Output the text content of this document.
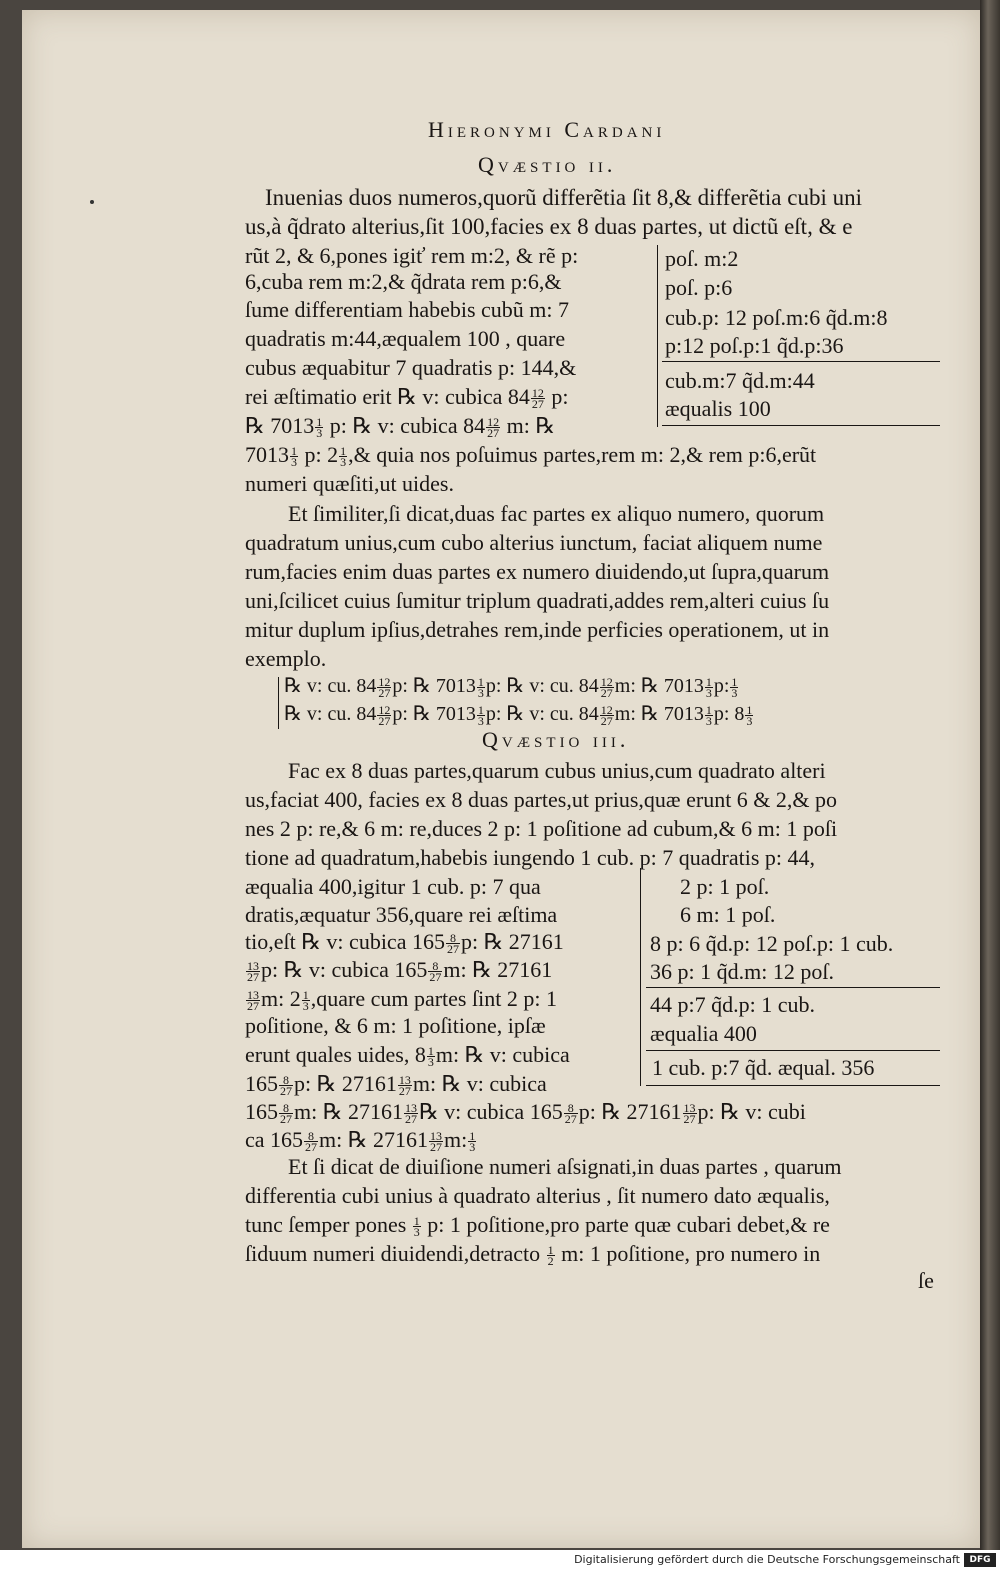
Hieronymi Cardani
Qvæstio ii.
Inuenias duos numeros,quorũ differẽtia ſit 8,& differẽtia cubi uni
us,à q̃drato alterius,ſit 100,facies ex 8 duas partes, ut dictũ eſt, & e
rũt 2, & 6,pones igiť rem m:2, & rẽ p:
6,cuba rem m:2,& q̃drata rem p:6,&
ſume differentiam habebis cubũ m: 7
quadratis m:44,æqualem 100 , quare
cubus æquabitur 7 quadratis p: 144,&
rei æſtimatio erit ℞ v: cubica $84 \frac{12}{27} p$:
℞ $7013 \frac{1}{3} p$: ℞ v: cubica $84 \frac{12}{27} m$: ℞
$7013 \frac{1}{3} p$: $2 \frac{1}{3}$ ,& quia nos poſuimus partes,rem m: 2,& rem p:6,erũt
numeri quæſiti,ut uides.
poſ. m:2
poſ. p:6
cub.p: 12 poſ.m:6 q̃d.m:8
p:12 poſ.p:1 q̃d.p:36
cub.m:7 q̃d.m:44
æqualis 100
Et ſimiliter,ſi dicat,duas fac partes ex aliquo numero, quorum
quadratum unius,cum cubo alterius iunctum, faciat aliquem nume
rum,facies enim duas partes ex numero diuidendo,ut ſupra,quarum
uni,ſcilicet cuius ſumitur triplum quadrati,addes rem,alteri cuius ſu
mitur duplum ipſius,detrahes rem,inde perficies operationem, ut in
exemplo.
℞ v: cu. $84 \frac{12}{27} p$: ℞ $7013 \frac{1}{3} p$: ℞ v: cu. $84 \frac{12}{27} m$: ℞ $7013 \frac{1}{3} p$: $\frac{1}{3}$
℞ v: cu. $84 \frac{12}{27} p$: ℞ $7013 \frac{1}{3} p$: ℞ v: cu. $84 \frac{12}{27} m$: ℞ $7013 \frac{1}{3} p$: $8 \frac{1}{3}$
Qvæstio iii.
Fac ex 8 duas partes,quarum cubus unius,cum quadrato alteri
us,faciat 400, facies ex 8 duas partes,ut prius,quæ erunt 6 & 2,& po
nes 2 p: re,& 6 m: re,duces 2 p: 1 poſitione ad cubum,& 6 m: 1 poſi
tione ad quadratum,habebis iungendo 1 cub. p: 7 quadratis p: 44,
æqualia 400,igitur 1 cub. p: 7 qua
dratis,æquatur 356,quare rei æſtima
tio,eſt ℞ v: cubica $165 \frac{8}{27} p$: ℞ 27161
$\frac{13}{27} p$: ℞ v: cubica $165 \frac{8}{27} m$: ℞ 27161
$\frac{13}{27} m$: $2 \frac{1}{3}$ ,quare cum partes ſint 2 p: 1
poſitione, & 6 m: 1 poſitione, ipſæ
erunt quales uides, $8 \frac{1}{3} m$: ℞ v: cubica
$165 \frac{8}{27} p$: ℞ $27161 \frac{13}{27} m$: ℞ v: cubica
$165 \frac{8}{27} m$: ℞ $27161 \frac{13}{27}$ ℞ v: cubica $165 \frac{8}{27} p$: ℞ $27161 \frac{13}{27} p$: ℞ v: cubi
ca $165 \frac{8}{27} m$: ℞ $27161 \frac{13}{27} m$: $\frac{1}{3}$
2 p: 1 poſ.
6 m: 1 poſ.
8 p: 6 q̃d.p: 12 poſ.p: 1 cub.
36 p: 1 q̃d.m: 12 poſ.
44 p:7 q̃d.p: 1 cub.
æqualia 400
1 cub. p:7 q̃d. æqual. 356
Et ſi dicat de diuiſione numeri aſsignati,in duas partes , quarum
differentia cubi unius à quadrato alterius , ſit numero dato æqualis,
tunc ſemper pones $\frac{1}{3} p$: 1 poſitione,pro parte quæ cubari debet,& re
ſiduum numeri diuidendi,detracto $\frac{1}{2} m$: 1 poſitione, pro numero in
ſe
Digitalisierung gefördert durch die Deutsche Forschungsgemeinschaft	DFG
